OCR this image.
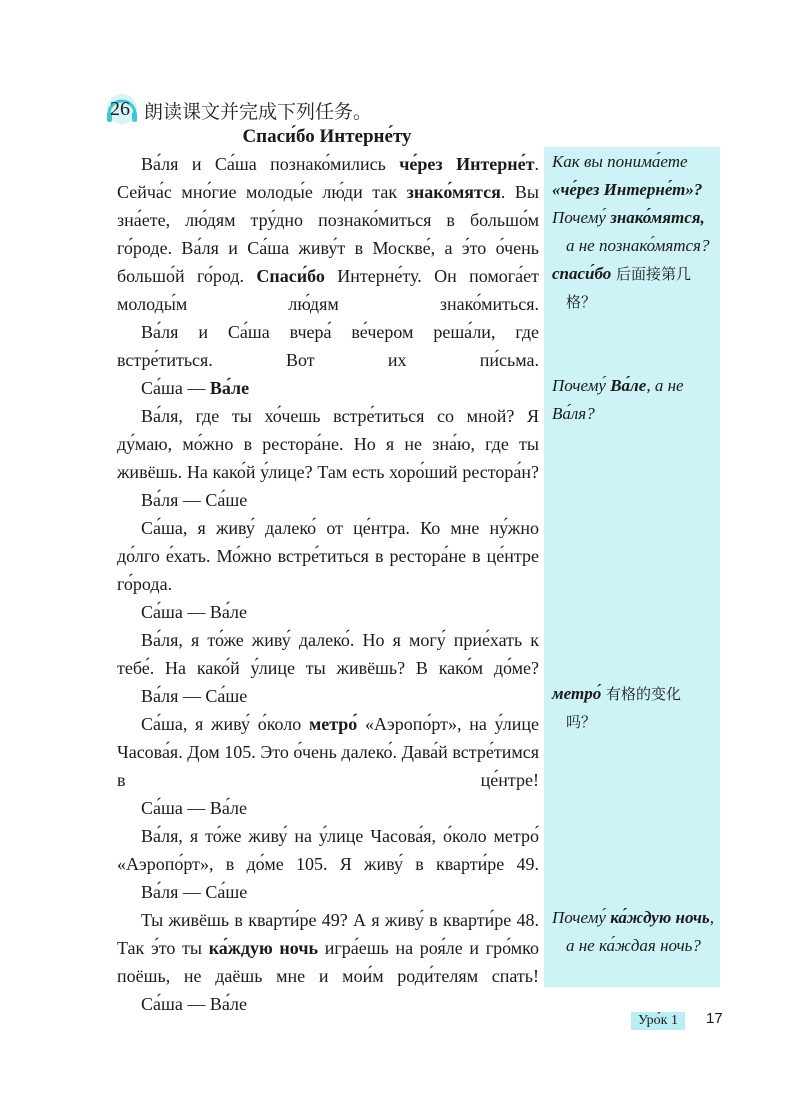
26 朗读课文并完成下列任务。
Спаси́бо Интерне́ту
Ва́ля и Са́ша познако́мились че́рез Интерне́т. Сейча́с мно́гие молоды́е лю́ди так знако́мятся. Вы зна́ете, лю́дям тру́дно познако́миться в большо́м го́роде. Ва́ля и Са́ша живу́т в Москве́, а э́то о́чень большо́й го́род. Спаси́бо Интерне́ту. Он помога́ет молоды́м лю́дям знако́миться.
Ва́ля и Са́ша вчера́ ве́чером реша́ли, где встре́титься. Вот их пи́сьма.
Са́ша — Ва́ле
Ва́ля, где ты хо́чешь встре́титься со мной? Я ду́маю, мо́жно в рестора́не. Но я не зна́ю, где ты живёшь. На како́й у́лице? Там есть хоро́ший рестора́н?
Ва́ля — Са́ше
Са́ша, я живу́ далеко́ от це́нтра. Ко мне ну́жно до́лго е́хать. Мо́жно встре́титься в рестора́не в це́нтре го́рода.
Са́ша — Ва́ле
Ва́ля, я то́же живу́ далеко́. Но я могу́ прие́хать к тебе́. На како́й у́лице ты живёшь? В како́м до́ме?
Ва́ля — Са́ше
Са́ша, я живу́ о́коло метро́ «Аэропо́рт», на у́лице Часова́я. Дом 105. Это о́чень далеко́. Дава́й встре́тимся в це́нтре!
Са́ша — Ва́ле
Ва́ля, я то́же живу́ на у́лице Часова́я, о́коло метро́ «Аэропо́рт», в до́ме 105. Я живу́ в кварти́ре 49.
Ва́ля — Са́ше
Ты живёшь в кварти́ре 49? А я живу́ в кварти́ре 48. Так э́то ты ка́ждую ночь игра́ешь на роя́ле и гро́мко поёшь, не даёшь мне и мои́м роди́телям спать!
Са́ша — Ва́ле
Как вы понима́ете
«че́рез Интерне́т»?
Почему́ знако́мятся,
а не познако́мятся?
спаси́бо 后面接第几
格？
Почему́ Ва́ле, а не
Ва́ля?
метро́ 有格的变化
吗？
Почему́ ка́ждую ночь,
а не ка́ждая ночь?
Уро́к 1	17
